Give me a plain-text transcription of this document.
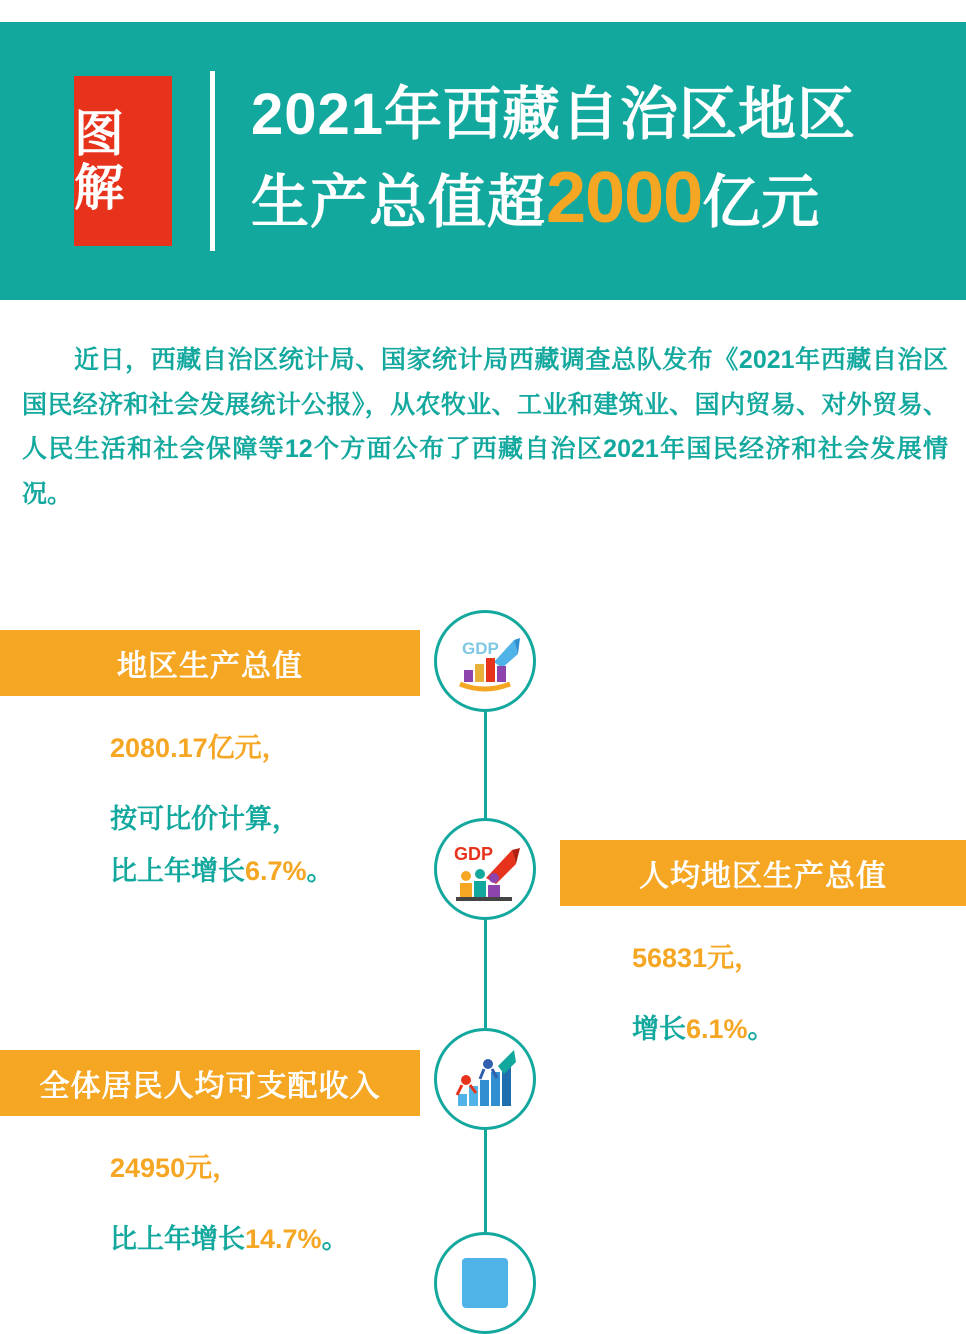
图解
2021年西藏自治区地区
生产总值超2000亿元
近日，西藏自治区统计局、国家统计局西藏调查总队发布《2021年西藏自治区国民经济和社会发展统计公报》，从农牧业、工业和建筑业、国内贸易、对外贸易、人民生活和社会保障等12个方面公布了西藏自治区2021年国民经济和社会发展情况。
GDP
GDP
地区生产总值
2080.17亿元，
按可比价计算，
比上年增长6.7%。	人均地区生产总值
56831元，
增长6.1%。
全体居民人均可支配收入
24950元，
比上年增长14.7%。
